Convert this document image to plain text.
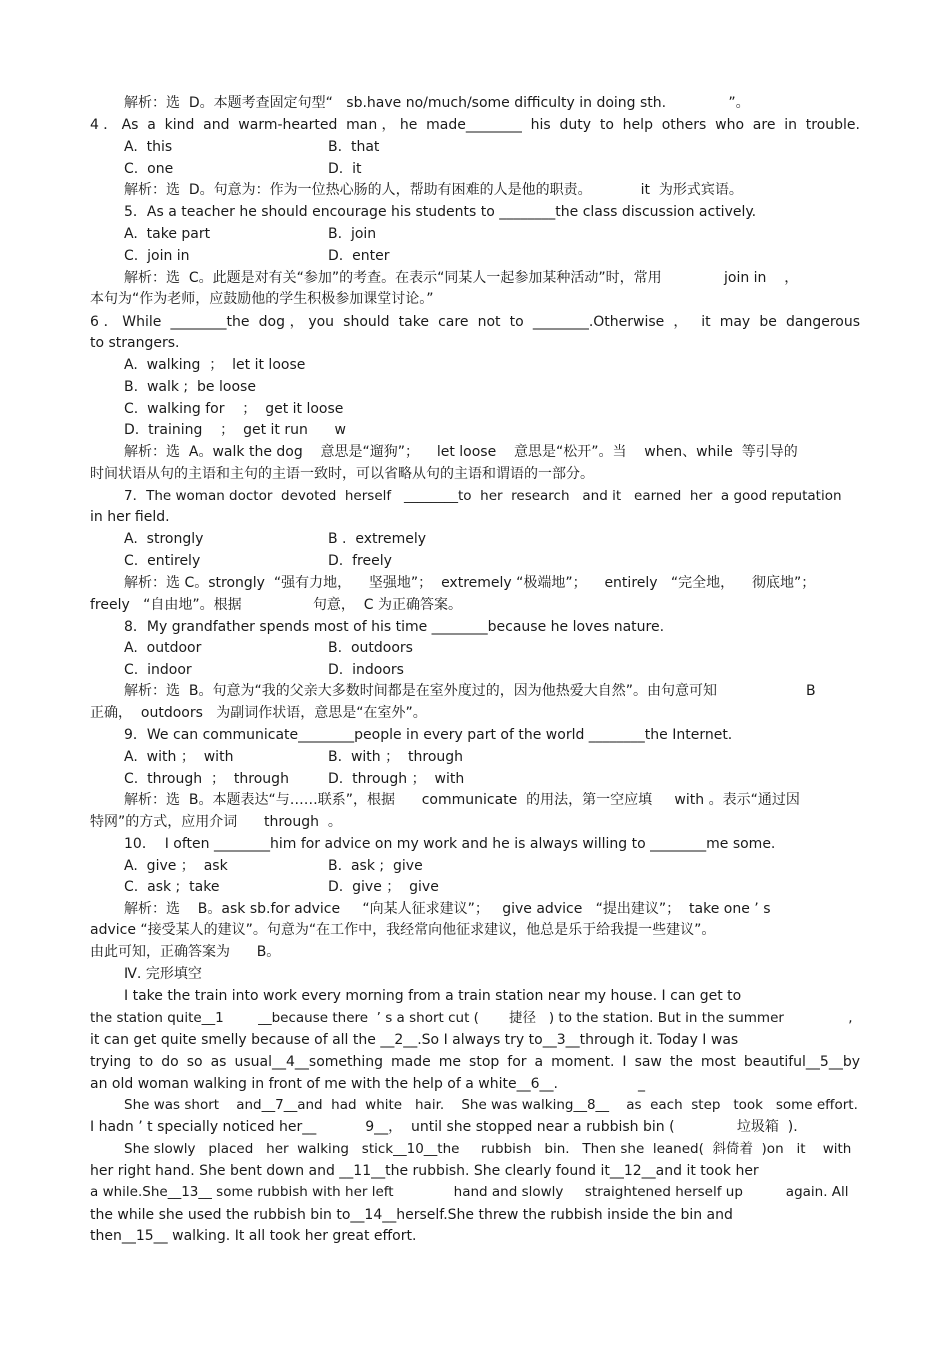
解析：选  D。本题考查固定句型“   sb.have no/much/some difficulty in doing sth.              ”。
4．As a kind and warm-hearted man，he made________ his duty to help others who are in trouble.
A.  this	B.  that
C.  one	D.  it
解析：选  D。句意为：作为一位热心肠的人，帮助有困难的人是他的职责。           it  为形式宾语。
5．As a teacher he should encourage his students to ________the class discussion actively.
A.  take part	B.  join
C.  join in	D.  enter
解析：选  C。此题是对有关“参加”的考查。在表示“同某人一起参加某种活动”时，常用              join in    ，
本句为“作为老师，应鼓励他的学生积极参加课堂讨论。”
6．While ________the dog，you should take care not to ________.Otherwise ， it may be dangerous
to strangers.
A.  walking  ；  let it loose
B.  walk ;  be loose
C.  walking for    ；  get it loose
D.  training    ；  get it run      w
解析：选  A。walk the dog    意思是“遛狗”；    let loose    意思是“松开”。当    when、while  等引导的
时间状语从句的主语和主句的主语一致时，可以省略从句的主语和谓语的一部分。
7．The woman doctor  devoted  herself   ________to  her  research   and it   earned  her  a good reputation
in her field.
A.  strongly	B .  extremely
C.  entirely	D.  freely
解析：选 C。strongly  “强有力地，    坚强地”；  extremely “极端地”；    entirely   “完全地，    彻底地”；
freely   “自由地”。根据                句意，  C 为正确答案。
8．My grandfather spends most of his time ________because he loves nature.
A.  outdoor	B.  outdoors
C.  indoor	D.  indoors
解析：选  B。句意为“我的父亲大多数时间都是在室外度过的，因为他热爱大自然”。由句意可知                    B
正确，  outdoors   为副词作状语，意思是“在室外”。
9．We can communicate________people in every part of the world ________the Internet.
A.  with ；  with	B.  with ；  through
C.  through  ；  through	D.  through ；  with
解析：选  B。本题表达“与……联系”，根据      communicate  的用法，第一空应填     with 。表示“通过因
特网”的方式，应用介词      through  。
10．  I often ________him for advice on my work and he is always willing to ________me some.
A.  give ；  ask	B.  ask ;  give
C.  ask ;  take	D.  give ；  give
解析：选    B。ask sb.for advice     “向某人征求建议”；   give advice   “提出建议”；  take one ’ s
advice “接受某人的建议”。句意为“在工作中，我经常向他征求建议，他总是乐于给我提一些建议”。
由此可知，正确答案为      B。
Ⅳ. 完形填空
I take the train into work every morning from a train station near my house. I can get to
the station quite__1        __because there  ’ s a short cut (       捷径   ) to the station. But in the summer               ,
it can get quite smelly because of all the __2__.So I always try to__3__through it. Today I was
trying to do so as usual__4__something made me stop for a moment. I saw the most beautiful__5__by
an old woman walking in front of me with the help of a white__6__.                  _
She was short    and__7__and  had  white   hair.    She was walking__8__    as  each  step   took   some effort.
I hadn ’ t specially noticed her__           9__，  until she stopped near a rubbish bin (              垃圾箱  ).
She slowly   placed   her  walking   stick__10__the     rubbish   bin.   Then she  leaned(  斜倚着  )on   it    with
her right hand. She bent down and __11__the rubbish. She clearly found it__12__and it took her
a while.She__13__ some rubbish with her left              hand and slowly     straightened herself up          again. All
the while she used the rubbish bin to__14__herself.She threw the rubbish inside the bin and
then__15__ walking. It all took her great effort.
